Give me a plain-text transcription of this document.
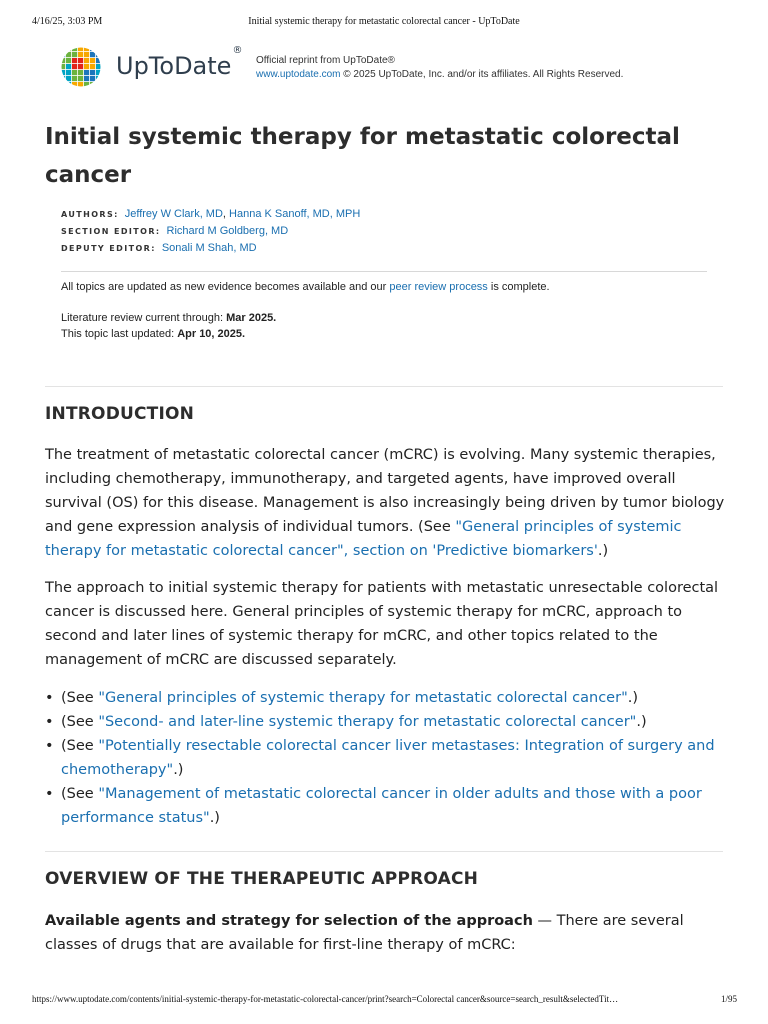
4/16/25, 3:03 PM	Initial systemic therapy for metastatic colorectal cancer - UpToDate
UpToDate®
Official reprint from UpToDate®
www.uptodate.com © 2025 UpToDate, Inc. and/or its affiliates. All Rights Reserved.
Initial systemic therapy for metastatic colorectal cancer
AUTHORS: Jeffrey W Clark, MD, Hanna K Sanoff, MD, MPH
SECTION EDITOR: Richard M Goldberg, MD
DEPUTY EDITOR: Sonali M Shah, MD
All topics are updated as new evidence becomes available and our peer review process is complete.
Literature review current through: Mar 2025.
This topic last updated: Apr 10, 2025.
INTRODUCTION

The treatment of metastatic colorectal cancer (mCRC) is evolving. Many systemic therapies, including chemotherapy, immunotherapy, and targeted agents, have improved overall survival (OS) for this disease. Management is also increasingly being driven by tumor biology and gene expression analysis of individual tumors. (See "General principles of systemic therapy for metastatic colorectal cancer", section on 'Predictive biomarkers'.)

The approach to initial systemic therapy for patients with metastatic unresectable colorectal cancer is discussed here. General principles of systemic therapy for mCRC, approach to second and later lines of systemic therapy for mCRC, and other topics related to the management of mCRC are discussed separately.

• (See "General principles of systemic therapy for metastatic colorectal cancer".)
• (See "Second- and later-line systemic therapy for metastatic colorectal cancer".)
• (See "Potentially resectable colorectal cancer liver metastases: Integration of surgery and chemotherapy".)
• (See "Management of metastatic colorectal cancer in older adults and those with a poor performance status".)
OVERVIEW OF THE THERAPEUTIC APPROACH

Available agents and strategy for selection of the approach — There are several classes of drugs that are available for first-line therapy of mCRC:

https://www.uptodate.com/contents/initial-systemic-therapy-for-metastatic-colorectal-cancer/print?search=Colorectal cancer&source=search_result&selectedTit…	1/95
